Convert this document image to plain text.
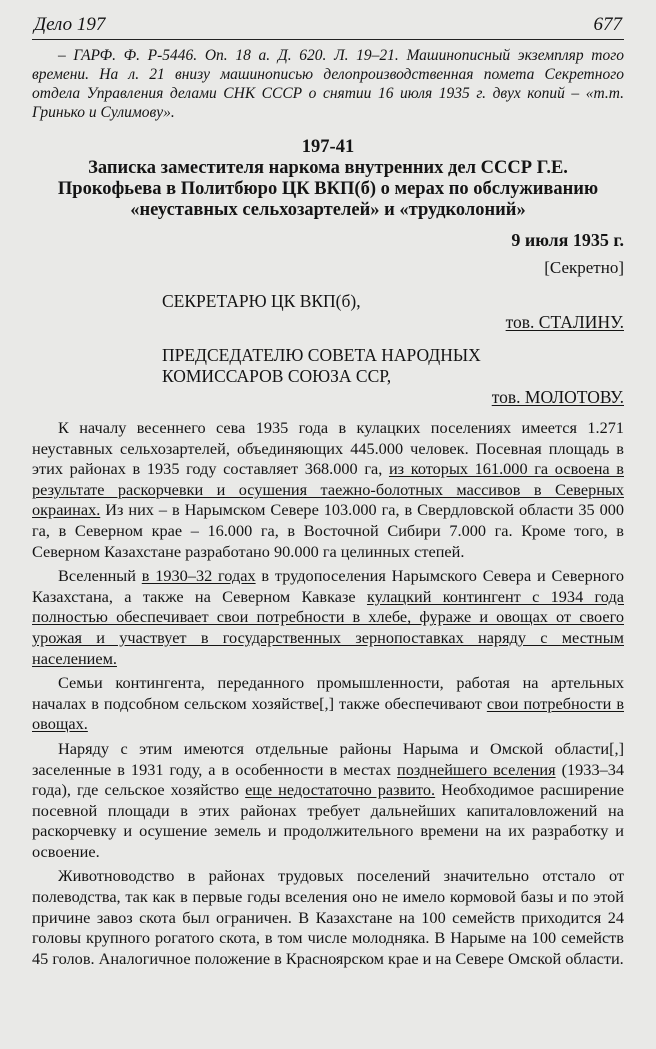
Дело 197	677

– ГАРФ. Ф. Р-5446. Оп. 18 а. Д. 620. Л. 19–21. Машинописный экземпляр того времени. На л. 21 внизу машинописью делопроизводственная помета Секретного отдела Управления делами СНК СССР о снятии 16 июля 1935 г. двух копий – «т.т. Гринько и Сулимову».

197-41

Записка заместителя наркома внутренних дел СССР Г.Е. Прокофьева в Политбюро ЦК ВКП(б) о мерах по обслуживанию «неуставных сельхозартелей» и «трудколоний»

9 июля 1935 г.

[Секретно]

СЕКРЕТАРЮ ЦК ВКП(б),
тов. СТАЛИНУ.
ПРЕДСЕДАТЕЛЮ СОВЕТА НАРОДНЫХ
КОМИССАРОВ СОЮЗА ССР,
тов. МОЛОТОВУ.

К началу весеннего сева 1935 года в кулацких поселениях имеется 1.271 неуставных сельхозартелей, объединяющих 445.000 человек. Посевная площадь в этих районах в 1935 году составляет 368.000 га, из которых 161.000 га освоена в результате раскорчевки и осушения таежно-болотных массивов в Северных окраинах. Из них – в Нарымском Севере 103.000 га, в Свердловской области 35 000 га, в Северном крае – 16.000 га, в Восточной Сибири 7.000 га. Кроме того, в Северном Казахстане разработано 90.000 га целинных степей.

Вселенный в 1930–32 годах в трудопоселения Нарымского Севера и Северного Казахстана, а также на Северном Кавказе кулацкий контингент с 1934 года полностью обеспечивает свои потребности в хлебе, фураже и овощах от своего урожая и участвует в государственных зернопоставках наряду с местным населением.

Семьи контингента, переданного промышленности, работая на артельных началах в подсобном сельском хозяйстве[,] также обеспечивают свои потребности в овощах.

Наряду с этим имеются отдельные районы Нарыма и Омской области[,] заселенные в 1931 году, а в особенности в местах позднейшего вселения (1933–34 года), где сельское хозяйство еще недостаточно развито. Необходимое расширение посевной площади в этих районах требует дальнейших капиталовложений на раскорчевку и осушение земель и продолжительного времени на их разработку и освоение.

Животноводство в районах трудовых поселений значительно отстало от полеводства, так как в первые годы вселения оно не имело кормовой базы и по этой причине завоз скота был ограничен. В Казахстане на 100 семейств приходится 24 головы крупного рогатого скота, в том числе молодняка. В Нарыме на 100 семейств 45 голов. Аналогичное положение в Красноярском крае и на Севере Омской области.
